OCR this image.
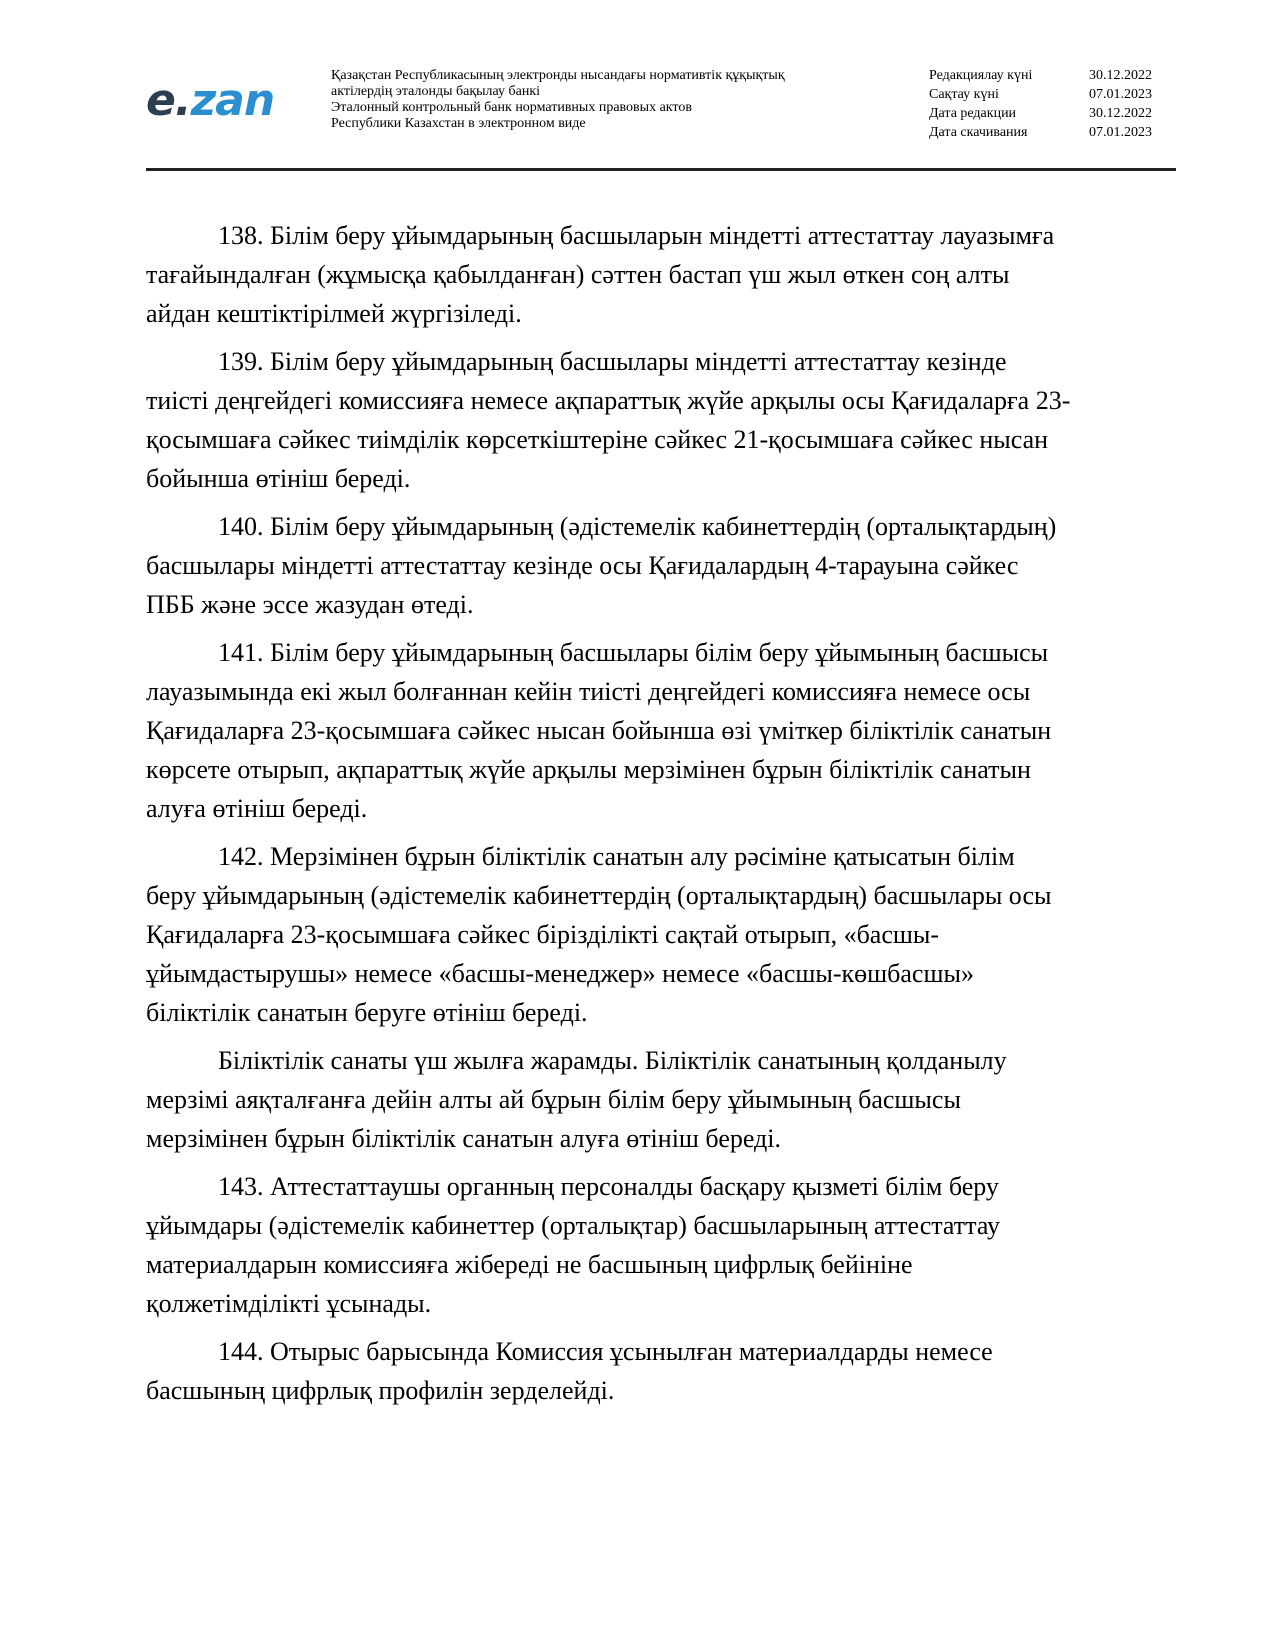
e.zan	Қазақстан Республикасының электронды нысандағы нормативтік құқықтық
актілердің эталонды бақылау банкі
Эталонный контрольный банк нормативных правовых актов
Республики Казахстан в электронном виде
Редакциялау күні	30.12.2022
Сақтау күні	07.01.2023
Дата редакции	30.12.2022
Дата скачивания	07.01.2023

138. Білім беру ұйымдарының басшыларын міндетті аттестаттау лауазымға
тағайындалған (жұмысқа қабылданған) сәттен бастап үш жыл өткен соң алты
айдан кештіктірілмей жүргізіледі.

139. Білім беру ұйымдарының басшылары міндетті аттестаттау кезінде
тиісті деңгейдегі комиссияға немесе ақпараттық жүйе арқылы осы Қағидаларға 23-
қосымшаға сәйкес тиімділік көрсеткіштеріне сәйкес 21-қосымшаға сәйкес нысан
бойынша өтініш береді.

140. Білім беру ұйымдарының (әдістемелік кабинеттердің (орталықтардың)
басшылары міндетті аттестаттау кезінде осы Қағидалардың 4-тарауына сәйкес
ПББ және эссе жазудан өтеді.

141. Білім беру ұйымдарының басшылары білім беру ұйымының басшысы
лауазымында екі жыл болғаннан кейін тиісті деңгейдегі комиссияға немесе осы
Қағидаларға 23-қосымшаға сәйкес нысан бойынша өзі үміткер біліктілік санатын
көрсете отырып, ақпараттық жүйе арқылы мерзімінен бұрын біліктілік санатын
алуға өтініш береді.

142. Мерзімінен бұрын біліктілік санатын алу рәсіміне қатысатын білім
беру ұйымдарының (әдістемелік кабинеттердің (орталықтардың) басшылары осы
Қағидаларға 23-қосымшаға сәйкес бірізділікті сақтай отырып, «басшы-
ұйымдастырушы» немесе «басшы-менеджер» немесе «басшы-көшбасшы»
біліктілік санатын беруге өтініш береді.

Біліктілік санаты үш жылға жарамды. Біліктілік санатының қолданылу
мерзімі аяқталғанға дейін алты ай бұрын білім беру ұйымының басшысы
мерзімінен бұрын біліктілік санатын алуға өтініш береді.

143. Аттестаттаушы органның персоналды басқару қызметі білім беру
ұйымдары (әдістемелік кабинеттер (орталықтар) басшыларының аттестаттау
материалдарын комиссияға жібереді не басшының цифрлық бейініне
қолжетімділікті ұсынады.

144. Отырыс барысында Комиссия ұсынылған материалдарды немесе
басшының цифрлық профилін зерделейді.
